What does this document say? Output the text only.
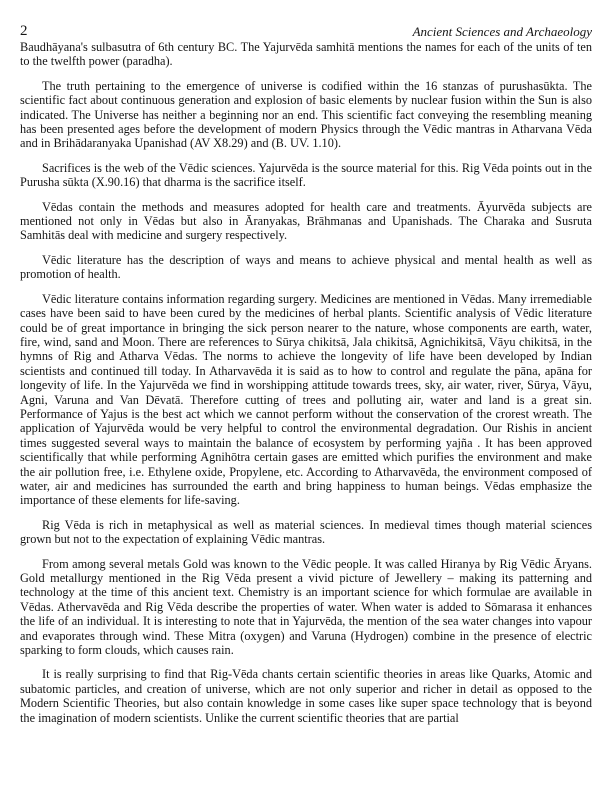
2	Ancient Sciences and Archaeology

Baudhāyana's sulbasutra of 6th century BC. The Yajurvēda samhitā mentions the names for each of the units of ten to the twelfth power (paradha).

The truth pertaining to the emergence of universe is codified within the 16 stanzas of purushasūkta. The scientific fact about continuous generation and explosion of basic elements by nuclear fusion within the Sun is also indicated. The Universe has neither a beginning nor an end. This scientific fact conveying the resembling meaning has been presented ages before the development of modern Physics through the Vēdic mantras in Atharvana Vēda and in Brihādaranyaka Upanishad (AV X8.29) and (B. UV. 1.10).

Sacrifices is the web of the Vēdic sciences. Yajurvēda is the source material for this. Rig Vēda points out in the Purusha sūkta (X.90.16) that dharma is the sacrifice itself.

Vēdas contain the methods and measures adopted for health care and treatments. Āyurvēda subjects are mentioned not only in Vēdas but also in Āranyakas, Brāhmanas and Upanishads. The Charaka and Susruta Samhitās deal with medicine and surgery respectively.

Vēdic literature has the description of ways and means to achieve physical and mental health as well as promotion of health.

Vēdic literature contains information regarding surgery. Medicines are mentioned in Vēdas. Many irremediable cases have been said to have been cured by the medicines of herbal plants. Scientific analysis of Vēdic literature could be of great importance in bringing the sick person nearer to the nature, whose components are earth, water, fire, wind, sand and Moon. There are references to Sūrya chikitsā, Jala chikitsā, Agnichikitsā, Vāyu chikitsā, in the hymns of Rig and Atharva Vēdas. The norms to achieve the longevity of life have been developed by Indian scientists and continued till today. In Atharvavēda it is said as to how to control and regulate the pāna, apāna for longevity of life. In the Yajurvēda we find in worshipping attitude towards trees, sky, air water, river, Sūrya, Vāyu, Agni, Varuna and Van Dēvatā. Therefore cutting of trees and polluting air, water and land is a great sin. Performance of Yajus is the best act which we cannot perform without the conservation of the crorest wreath. The application of Yajurvēda would be very helpful to control the environmental degradation. Our Rishis in ancient times suggested several ways to maintain the balance of ecosystem by performing yajña . It has been approved scientifically that while performing Agnihōtra certain gases are emitted which purifies the environment and make the air pollution free, i.e. Ethylene oxide, Propylene, etc. According to Atharvavēda, the environment composed of water, air and medicines has surrounded the earth and bring happiness to human beings. Vēdas emphasize the importance of these elements for life-saving.

Rig Vēda is rich in metaphysical as well as material sciences. In medieval times though material sciences grown but not to the expectation of explaining Vēdic mantras.

From among several metals Gold was known to the Vēdic people. It was called Hiranya by Rig Vēdic Āryans. Gold metallurgy mentioned in the Rig Vēda present a vivid picture of Jewellery – making its patterning and technology at the time of this ancient text. Chemistry is an important science for which formulae are available in Vēdas. Athervavēda and Rig Vēda describe the properties of water. When water is added to Sōmarasa it enhances the life of an individual. It is interesting to note that in Yajurvēda, the mention of the sea water changes into vapour and evaporates through wind. These Mitra (oxygen) and Varuna (Hydrogen) combine in the presence of electric sparking to form clouds, which causes rain.

It is really surprising to find that Rig-Vēda chants certain scientific theories in areas like Quarks, Atomic and subatomic particles, and creation of universe, which are not only superior and richer in detail as opposed to the Modern Scientific Theories, but also contain knowledge in some cases like super space technology that is beyond the imagination of modern scientists. Unlike the current scientific theories that are partial
